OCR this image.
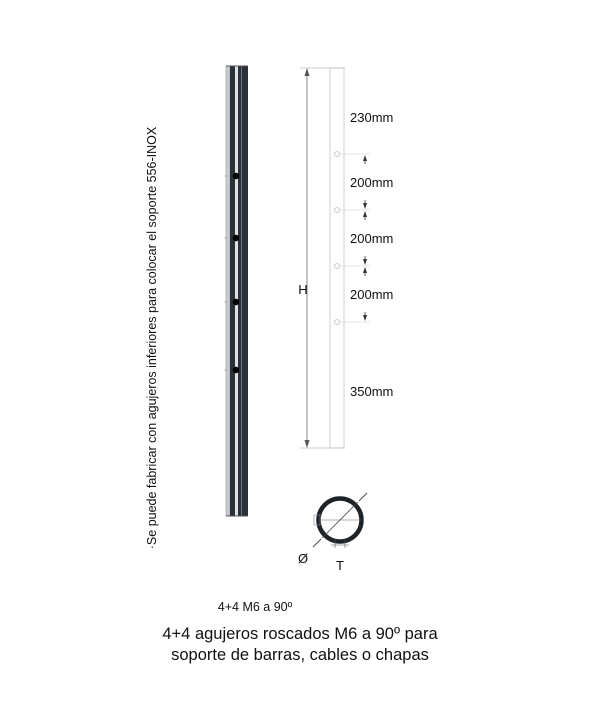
H
230mm
200mm
200mm
200mm
350mm
Ø T
·Se puede fabricar con agujeros inferiores para colocar el soporte 556-INOX
4+4 M6 a 90º
4+4 agujeros roscados M6 a 90º para
soporte de barras, cables o chapas
